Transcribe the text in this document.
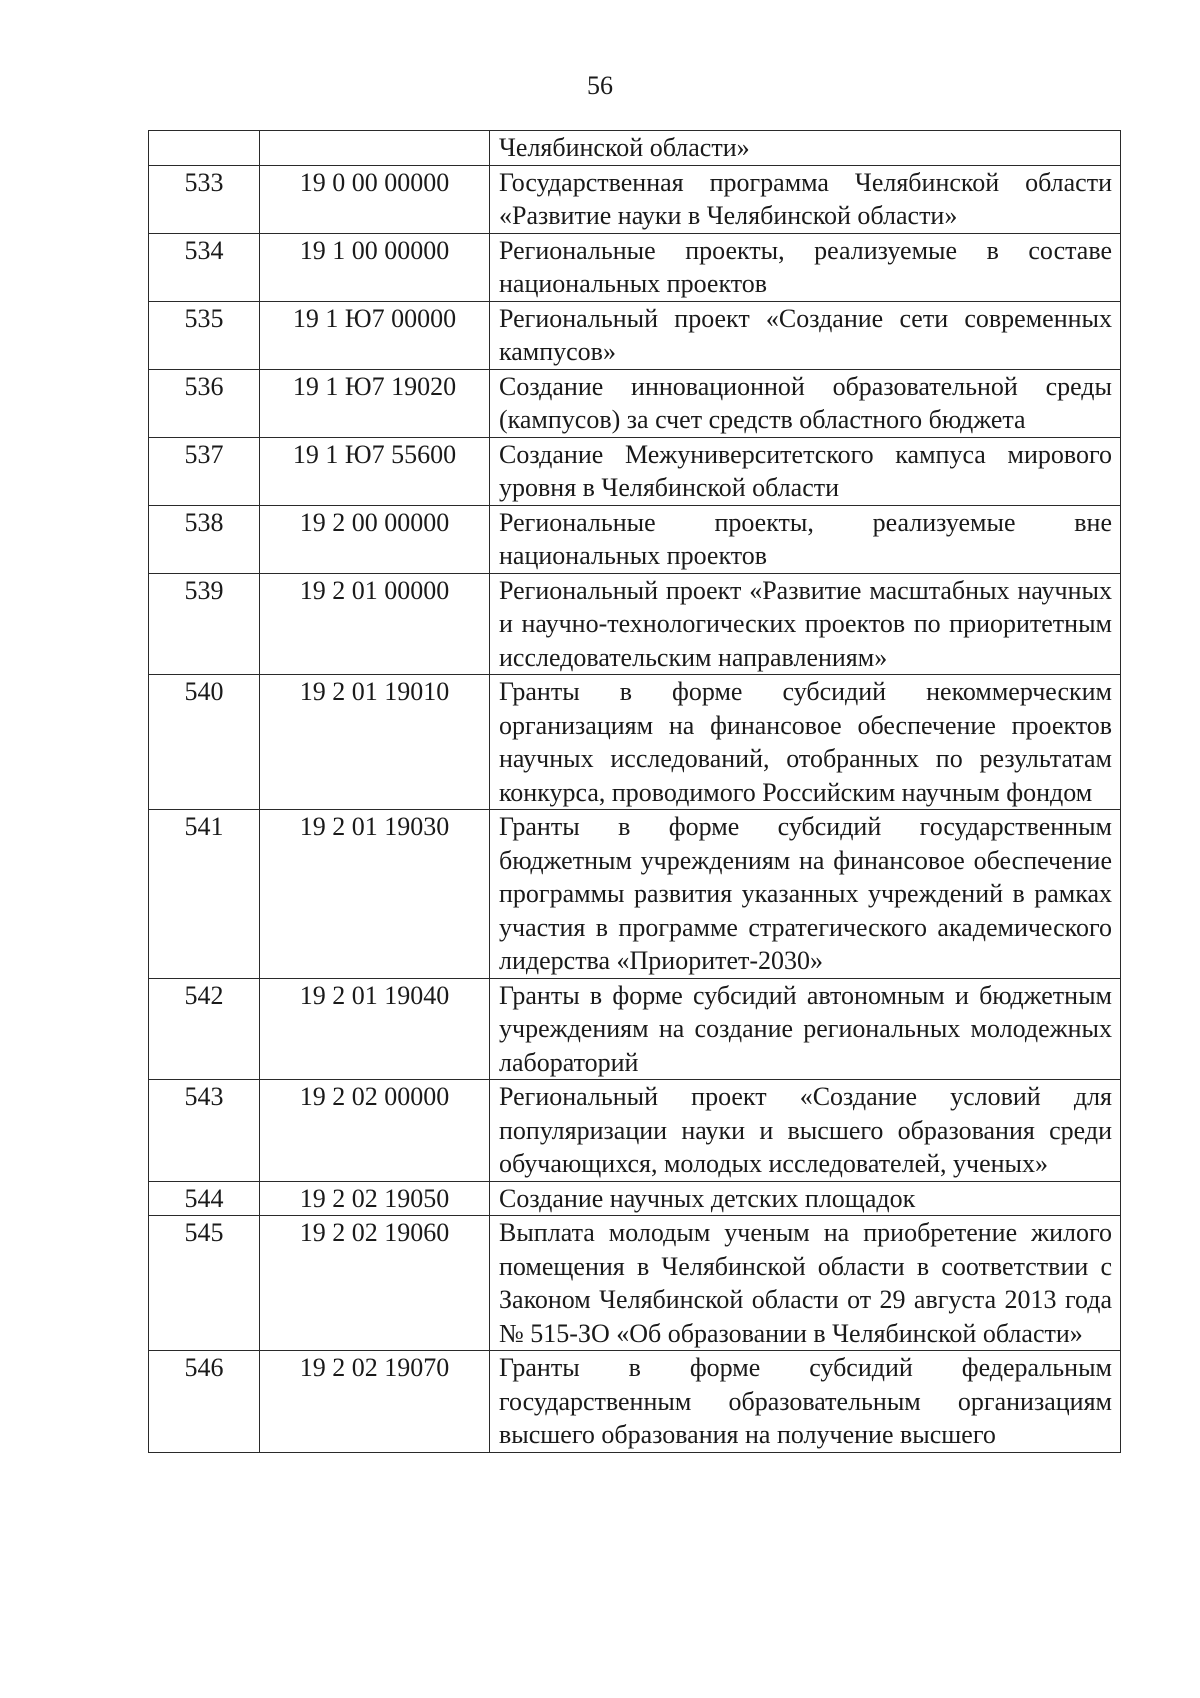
56
		Челябинской области»
533	19 0 00 00000	Государственная программа Челябинской области «Развитие науки в Челябинской области»
534	19 1 00 00000	Региональные проекты, реализуемые в составе национальных проектов
535	19 1 Ю7 00000	Региональный проект «Создание сети современных кампусов»
536	19 1 Ю7 19020	Создание инновационной образовательной среды (кампусов) за счет средств областного бюджета
537	19 1 Ю7 55600	Создание Межуниверситетского кампуса мирового уровня в Челябинской области
538	19 2 00 00000	Региональные проекты, реализуемые вне национальных проектов
539	19 2 01 00000	Региональный проект «Развитие масштабных научных и научно-технологических проектов по приоритетным исследовательским направлениям»
540	19 2 01 19010	Гранты в форме субсидий некоммерческим организациям на финансовое обеспечение проектов научных исследований, отобранных по результатам конкурса, проводимого Российским научным фондом
541	19 2 01 19030	Гранты в форме субсидий государственным бюджетным учреждениям на финансовое обеспечение программы развития указанных учреждений в рамках участия в программе стратегического академического лидерства «Приоритет-2030»
542	19 2 01 19040	Гранты в форме субсидий автономным и бюджетным учреждениям на создание региональных молодежных лабораторий
543	19 2 02 00000	Региональный проект «Создание условий для популяризации науки и высшего образования среди обучающихся, молодых исследователей, ученых»
544	19 2 02 19050	Создание научных детских площадок
545	19 2 02 19060	Выплата молодым ученым на приобретение жилого помещения в Челябинской области в соответствии с Законом Челябинской области от 29 августа 2013 года № 515-ЗО «Об образовании в Челябинской области»
546	19 2 02 19070	Гранты в форме субсидий федеральным государственным образовательным организациям высшего образования на получение высшего
